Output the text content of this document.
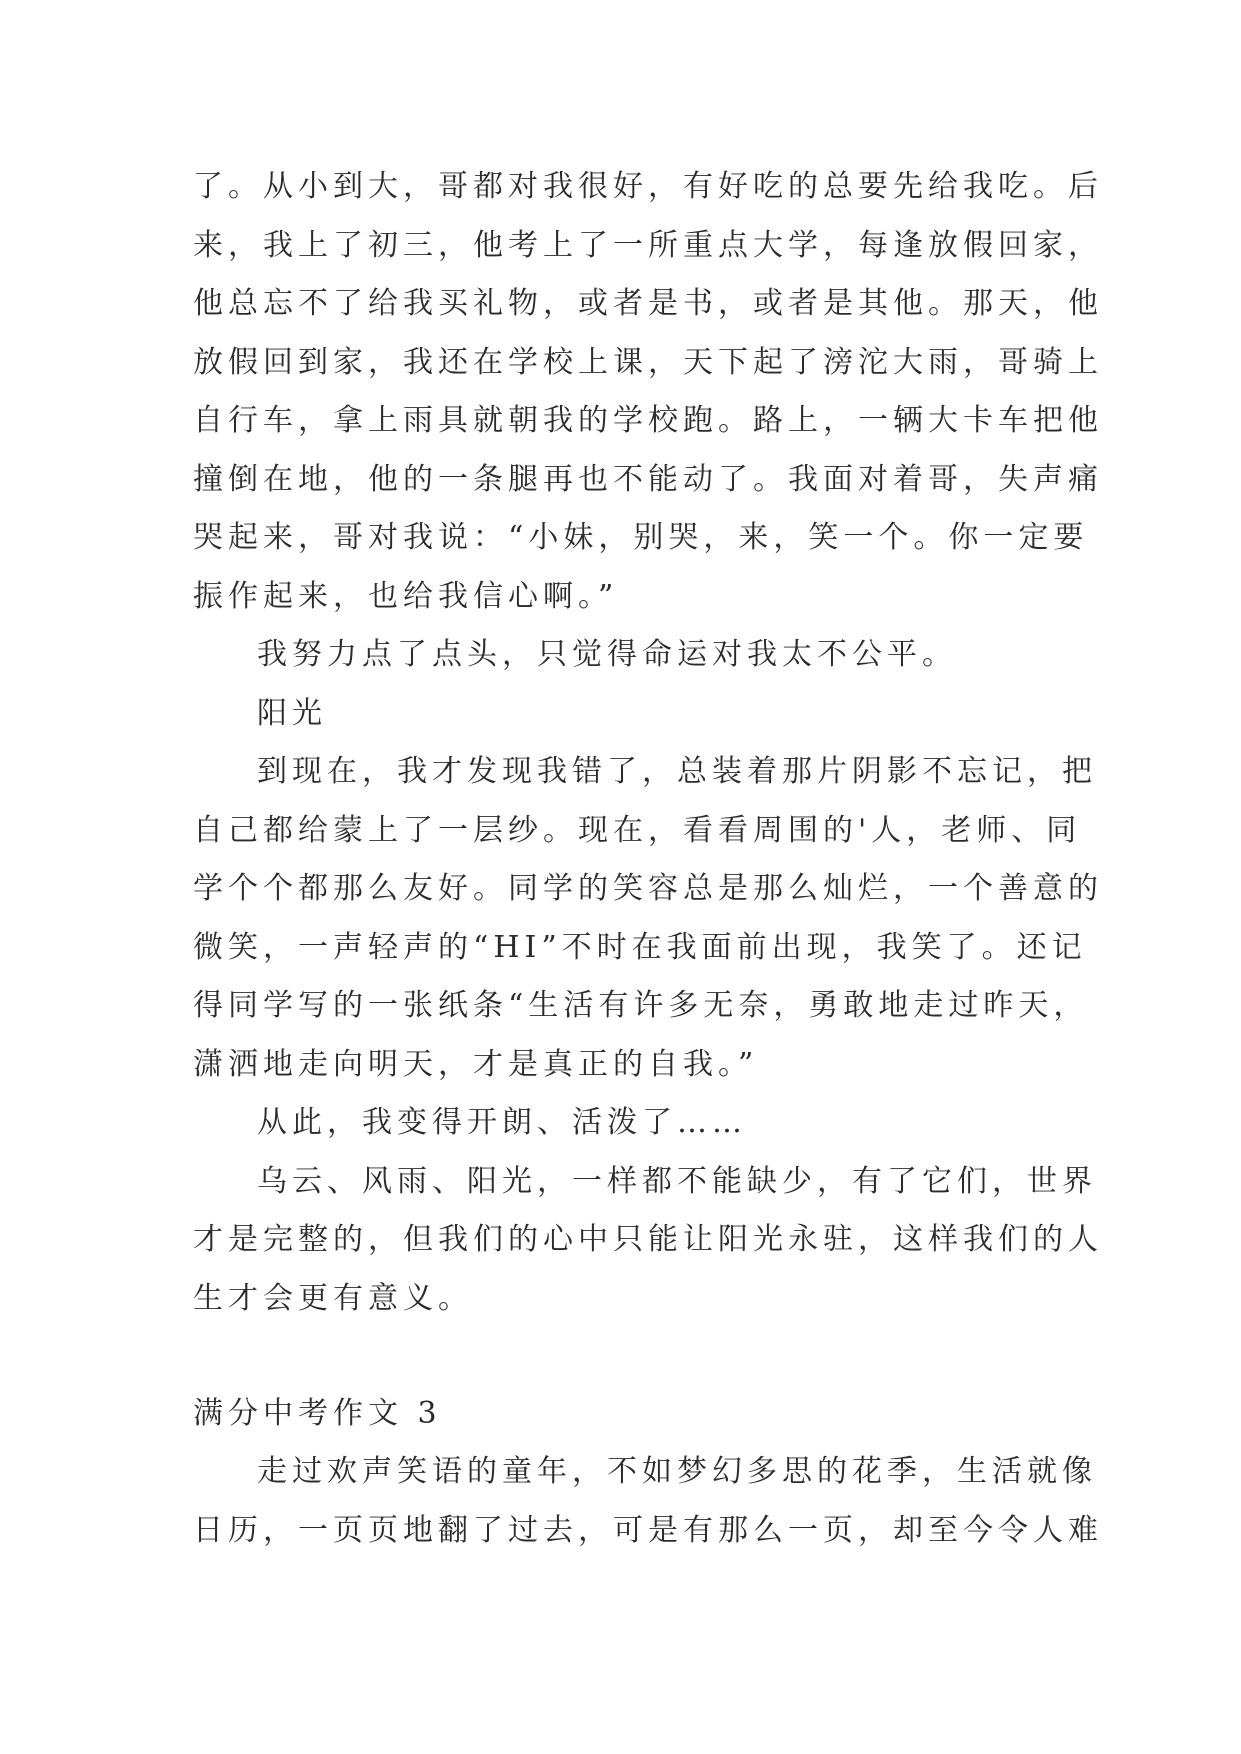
了。从小到大，哥都对我很好，有好吃的总要先给我吃。后
来，我上了初三，他考上了一所重点大学，每逢放假回家，
他总忘不了给我买礼物，或者是书，或者是其他。那天，他
放假回到家，我还在学校上课，天下起了滂沱大雨，哥骑上
自行车，拿上雨具就朝我的学校跑。路上，一辆大卡车把他
撞倒在地，他的一条腿再也不能动了。我面对着哥，失声痛
哭起来，哥对我说：“小妹，别哭，来，笑一个。你一定要
振作起来，也给我信心啊。”

我努力点了点头，只觉得命运对我太不公平。

阳光

到现在，我才发现我错了，总装着那片阴影不忘记，把
自己都给蒙上了一层纱。现在，看看周围的'人，老师、同
学个个都那么友好。同学的笑容总是那么灿烂，一个善意的
微笑，一声轻声的“HI”不时在我面前出现，我笑了。还记
得同学写的一张纸条“生活有许多无奈，勇敢地走过昨天，
潇洒地走向明天，才是真正的自我。”

从此，我变得开朗、活泼了……

乌云、风雨、阳光，一样都不能缺少，有了它们，世界
才是完整的，但我们的心中只能让阳光永驻，这样我们的人
生才会更有意义。

满分中考作文 3

走过欢声笑语的童年，不如梦幻多思的花季，生活就像
日历，一页页地翻了过去，可是有那么一页，却至今令人难
